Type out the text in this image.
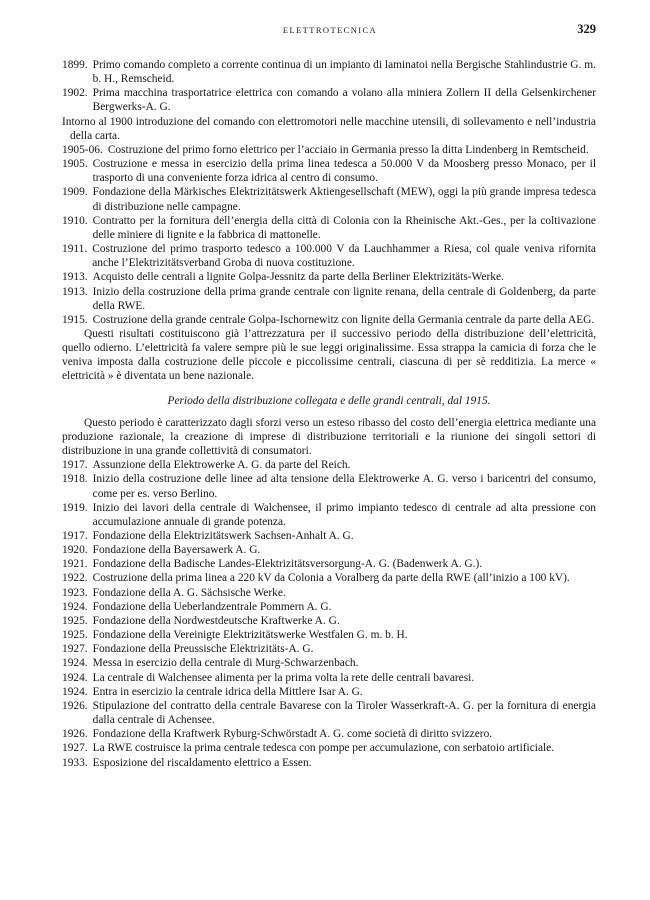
ELETTROTECNICA	329
1899. Primo comando completo a corrente continua di un impianto di laminatoi nella Bergische Stahlindustrie G. m. b. H., Remscheid.
1902. Prima macchina trasportatrice elettrica con comando a volano alla miniera Zollern II della Gelsenkirchener Bergwerks-A. G.
Intorno al 1900 introduzione del comando con elettromotori nelle macchine utensili, di sollevamento e nell’industria della carta.
1905-06. Costruzione del primo forno elettrico per l’acciaio in Germania presso la ditta Lindenberg in Remtscheid.
1905. Costruzione e messa in esercizio della prima linea tedesca a 50.000 V da Moosberg presso Monaco, per il trasporto di una conveniente forza idrica al centro di consumo.
1909. Fondazione della Märkisches Elektrizitätswerk Aktiengesellschaft (MEW), oggi la più grande impresa tedesca di distribuzione nelle campagne.
1910. Contratto per la fornitura dell’energia della città di Colonia con la Rheinische Akt.-Ges., per la coltivazione delle miniere di lignite e la fabbrica di mattonelle.
1911. Costruzione del primo trasporto tedesco a 100.000 V da Lauchhammer a Riesa, col quale veniva rifornita anche l’Elektrizitätsverband Groba di nuova costituzione.
1913. Acquisto delle centrali a lignite Golpa-Jessnitz da parte della Berliner Elektrizitäts-Werke.
1913. Inizio della costruzione della prima grande centrale con lignite renana, della centrale di Goldenberg, da parte della RWE.
1915. Costruzione della grande centrale Golpa-Ischornewitz con lignite della Germania centrale da parte della AEG.
Questi risultati costituiscono già l’attrezzatura per il successivo periodo della distribuzione dell’elettricità, quello odierno. L’elettricità fa valere sempre più le sue leggi originalissime. Essa strappa la camicia di forza che le veniva imposta dalla costruzione delle piccole e piccolissime centrali, ciascuna di per sè redditizia. La merce « elettricità » è diventata un bene nazionale.
Periodo della distribuzione collegata e delle grandi centrali, dal 1915.
Questo periodo è caratterizzato dagli sforzi verso un esteso ribasso del costo dell’energia elettrica mediante una produzione razionale, la creazione di imprese di distribuzione territoriali e la riunione dei singoli settori di distribuzione in una grande collettività di consumatori.
1917. Assunzione della Elektrowerke A. G. da parte del Reich.
1918. Inizio della costruzione delle linee ad alta tensione della Elektrowerke A. G. verso i baricentri del consumo, come per es. verso Berlino.
1919. Inizio dei lavori della centrale di Walchensee, il primo impianto tedesco di centrale ad alta pressione con accumulazione annuale di grande potenza.
1917. Fondazione della Elektrizitätswerk Sachsen-Anhalt A. G.
1920. Fondazione della Bayersawerk A. G.
1921. Fondazione della Badische Landes-Elektrizitätsversorgung-A. G. (Badenwerk A. G.).
1922. Costruzione della prima linea a 220 kV da Colonia a Voralberg da parte della RWE (all’inizio a 100 kV).
1923. Fondazione della A. G. Sächsische Werke.
1924. Fondazione della Ueberlandzentrale Pommern A. G.
1925. Fondazione della Nordwestdeutsche Kraftwerke A. G.
1925. Fondazione della Vereinigte Elektrizitätswerke Westfalen G. m. b. H.
1927. Fondazione della Preussische Elektrizitäts-A. G.
1924. Messa in esercizio della centrale di Murg-Schwarzenbach.
1924. La centrale di Walchensee alimenta per la prima volta la rete delle centrali bavaresi.
1924. Entra in esercizio la centrale idrica della Mittlere Isar A. G.
1926. Stipulazione del contratto della centrale Bavarese con la Tiroler Wasserkraft-A. G. per la fornitura di energia dalla centrale di Achensee.
1926. Fondazione della Kraftwerk Ryburg-Schwörstadt A. G. come società di diritto svizzero.
1927. La RWE costruisce la prima centrale tedesca con pompe per accumulazione, con serbatoio artificiale.
1933. Esposizione del riscaldamento elettrico a Essen.
